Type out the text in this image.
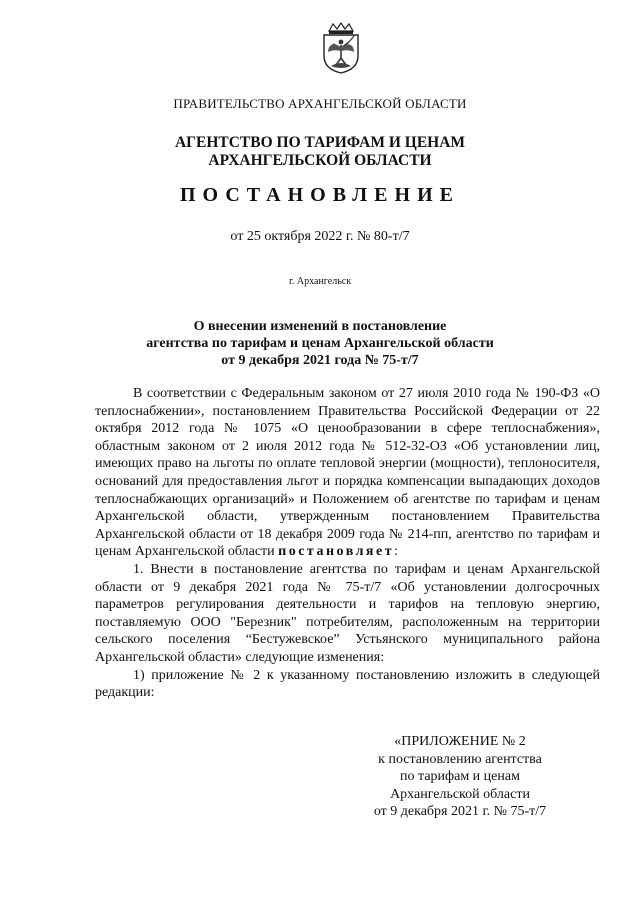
ПРАВИТЕЛЬСТВО АРХАНГЕЛЬСКОЙ ОБЛАСТИ
АГЕНТСТВО ПО ТАРИФАМ И ЦЕНАМ
АРХАНГЕЛЬСКОЙ ОБЛАСТИ
ПОСТАНОВЛЕНИЕ
от 25 октября 2022 г. № 80-т/7
г. Архангельск
О внесении изменений в постановление
агентства по тарифам и ценам Архангельской области
от 9 декабря 2021 года № 75-т/7

В соответствии с Федеральным законом от 27 июля 2010 года № 190-ФЗ «О теплоснабжении», постановлением Правительства Российской Федерации от 22 октября 2012 года № 1075 «О ценообразовании в сфере теплоснабжения», областным законом от 2 июля 2012 года № 512-32-ОЗ «Об установлении лиц, имеющих право на льготы по оплате тепловой энергии (мощности), теплоносителя, оснований для предоставления льгот и порядка компенсации выпадающих доходов теплоснабжающих организаций» и Положением об агентстве по тарифам и ценам Архангельской области, утвержденным постановлением Правительства Архангельской области от 18 декабря 2009 года № 214-пп, агентство по тарифам и ценам Архангельской области постановляет:

1. Внести в постановление агентства по тарифам и ценам Архангельской области от 9 декабря 2021 года № 75-т/7 «Об установлении долгосрочных параметров регулирования деятельности и тарифов на тепловую энергию, поставляемую ООО "Березник" потребителям, расположенным на территории сельского поселения “Бестужевское” Устьянского муниципального района Архангельской области» следующие изменения:

1) приложение № 2 к указанному постановлению изложить в следующей редакции:

«ПРИЛОЖЕНИЕ № 2
к постановлению агентства
по тарифам и ценам
Архангельской области
от 9 декабря 2021 г. № 75-т/7
